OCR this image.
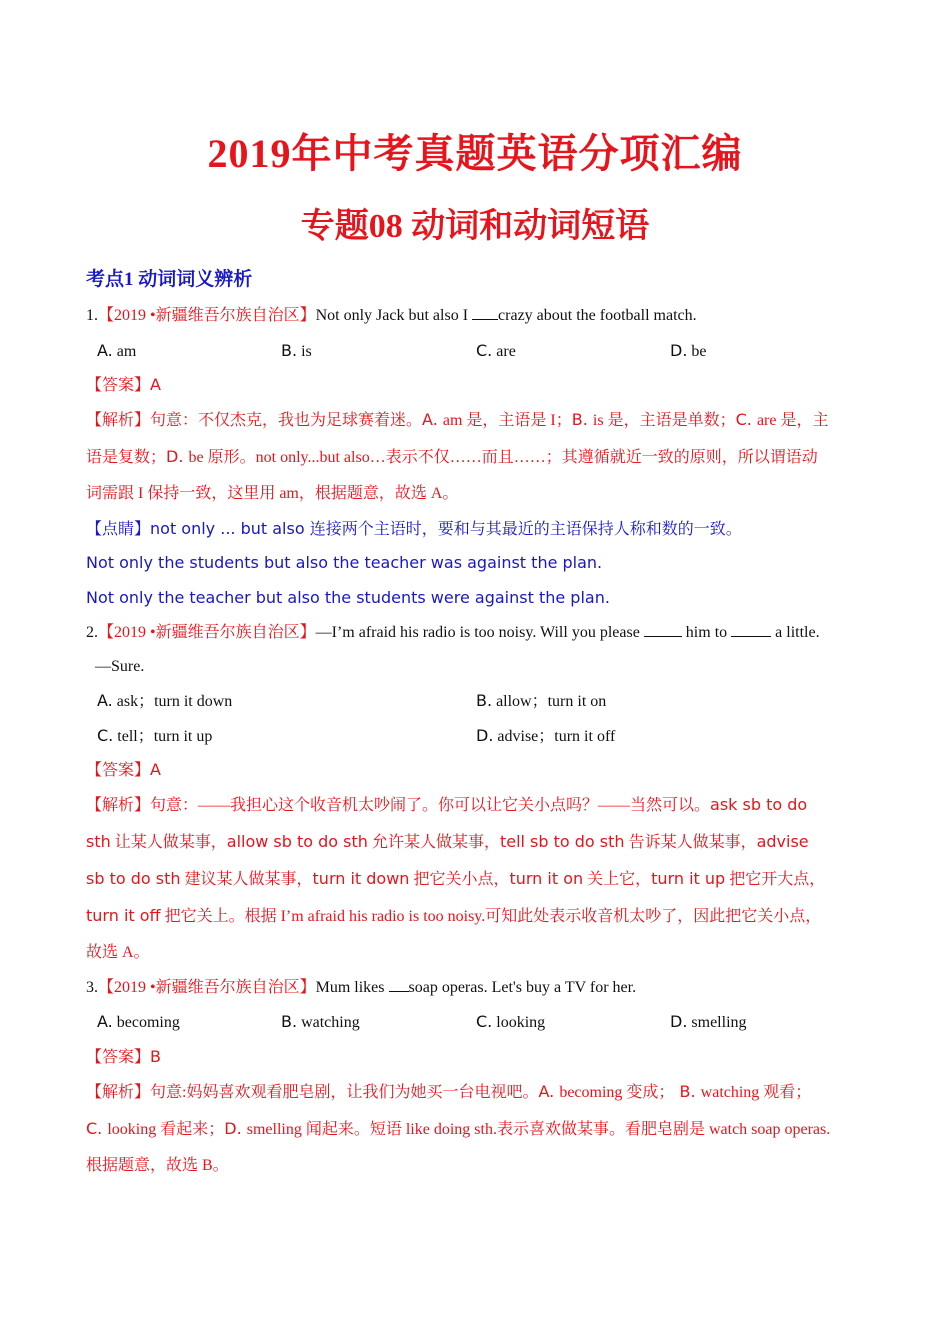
2019年中考真题英语分项汇编
专题08 动词和动词短语
考点1 动词词义辨析
1.【2019 •新疆维吾尔族自治区】Not only Jack but also I crazy about the football match.
A. am	B. is	C. are	D. be
【答案】A
【解析】句意：不仅杰克，我也为足球赛着迷。A. am 是，主语是 I；B. is 是，主语是单数；C. are 是，主
语是复数；D. be 原形。not only...but also…表示不仅……而且……；其遵循就近一致的原则，所以谓语动
词需跟 I 保持一致，这里用 am，根据题意，故选 A。
【点睛】not only ... but also 连接两个主语时，要和与其最近的主语保持人称和数的一致。
Not only the students but also the teacher was against the plan.
Not only the teacher but also the students were against the plan.
2.【2019 •新疆维吾尔族自治区】—I’m afraid his radio is too noisy. Will you please  him to	a little.
—Sure.
A. ask；turn it down	B. allow；turn it on
C. tell；turn it up	D. advise；turn it off
【答案】A
【解析】句意：——我担心这个收音机太吵闹了。你可以让它关小点吗？——当然可以。ask sb to do
sth 让某人做某事，allow sb to do sth 允许某人做某事，tell sb to do sth 告诉某人做某事，advise
sb to do sth 建议某人做某事，turn it down 把它关小点，turn it on 关上它，turn it up 把它开大点，
turn it off 把它关上。根据 I’m afraid his radio is too noisy.可知此处表示收音机太吵了，因此把它关小点，
故选 A。
3.【2019 •新疆维吾尔族自治区】Mum likes soap operas. Let's buy a TV for her.
A. becoming	B. watching	C. looking	D. smelling
【答案】B
【解析】句意:妈妈喜欢观看肥皂剧，让我们为她买一台电视吧。A. becoming 变成； B. watching 观看；
C. looking 看起来；D. smelling 闻起来。短语 like doing sth.表示喜欢做某事。看肥皂剧是 watch soap operas.
根据题意，故选 B。
